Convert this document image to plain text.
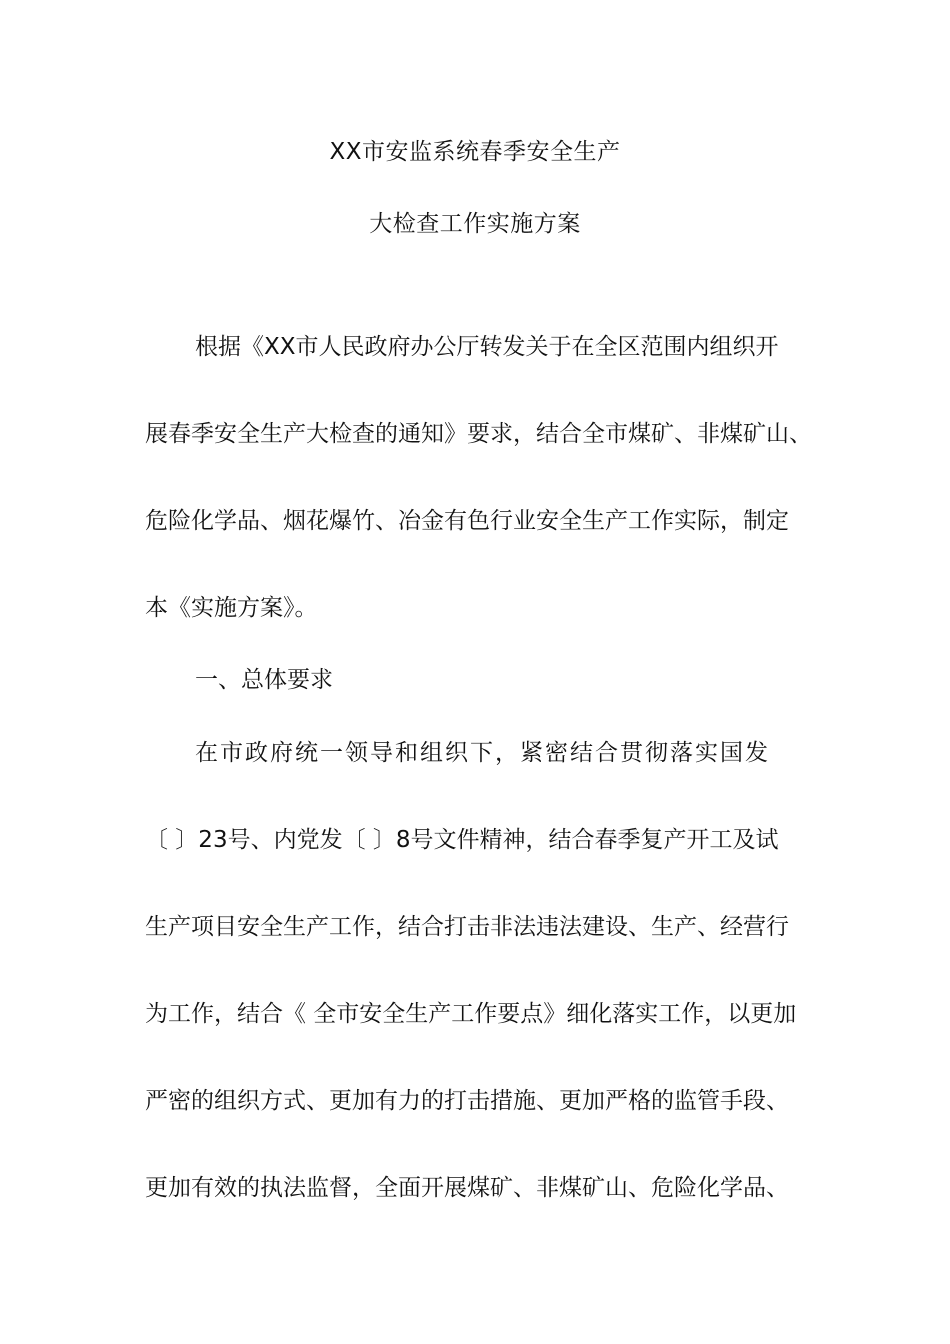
XX市安监系统春季安全生产
大检查工作实施方案

根据《XX市人民政府办公厅转发关于在全区范围内组织开

展春季安全生产大检查的通知》要求，结合全市煤矿、非煤矿山、

危险化学品、烟花爆竹、冶金有色行业安全生产工作实际，制定

本《实施方案》。

一、总体要求

在市政府统一领导和组织下，紧密结合贯彻落实国发

〔 〕23号、内党发〔 〕8号文件精神，结合春季复产开工及试

生产项目安全生产工作，结合打击非法违法建设、生产、经营行

为工作，结合《 全市安全生产工作要点》细化落实工作，以更加

严密的组织方式、更加有力的打击措施、更加严格的监管手段、

更加有效的执法监督，全面开展煤矿、非煤矿山、危险化学品、
